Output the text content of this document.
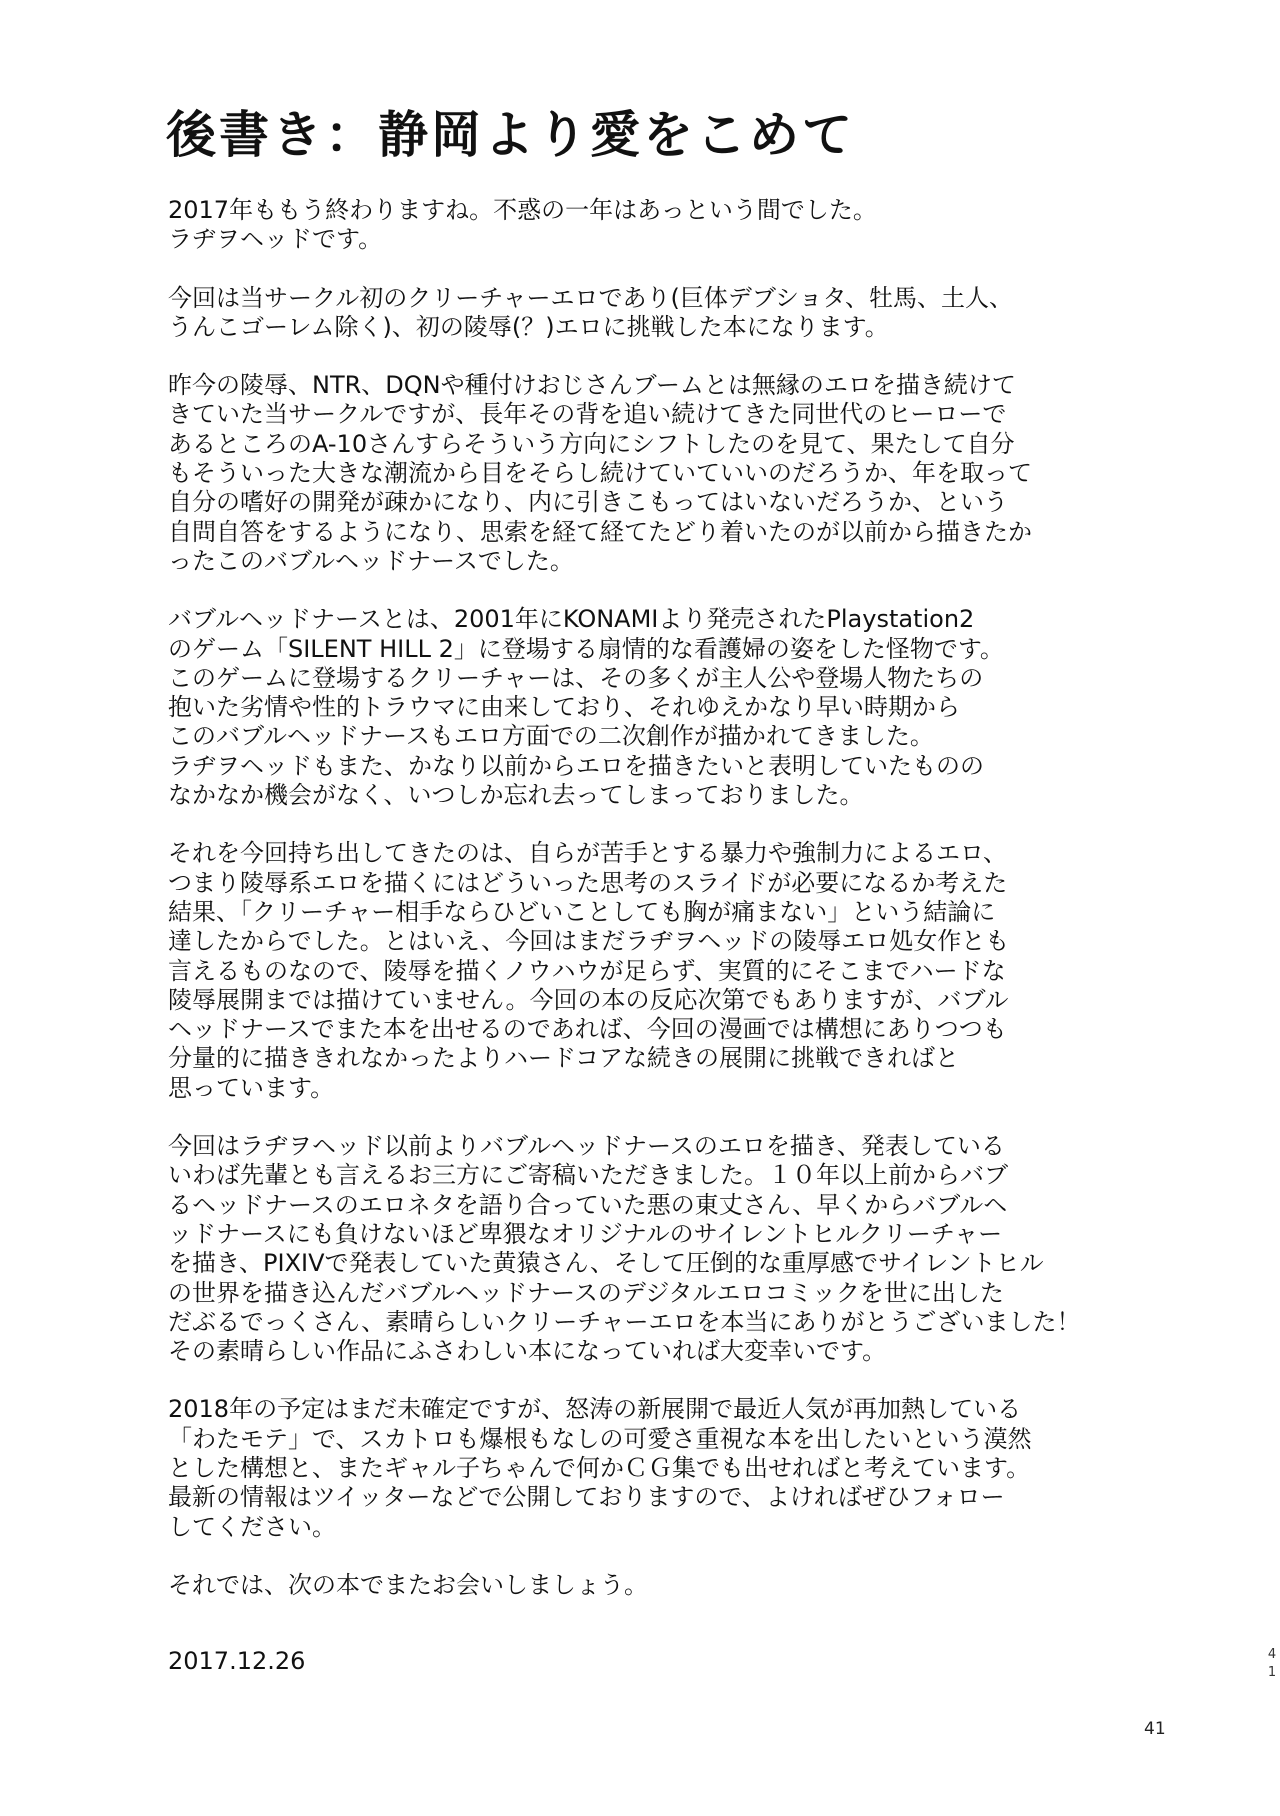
後書き：静岡より愛をこめて

2017年ももう終わりますね。不惑の一年はあっという間でした。
ラヂヲヘッドです。

今回は当サークル初のクリーチャーエロであり(巨体デブショタ、牡馬、土人、
うんこゴーレム除く)、初の陵辱(？)エロに挑戦した本になります。

昨今の陵辱、NTR、DQNや種付けおじさんブームとは無縁のエロを描き続けて
きていた当サークルですが、長年その背を追い続けてきた同世代のヒーローで
あるところのA-10さんすらそういう方向にシフトしたのを見て、果たして自分
もそういった大きな潮流から目をそらし続けていていいのだろうか、年を取って
自分の嗜好の開発が疎かになり、内に引きこもってはいないだろうか、という
自問自答をするようになり、思索を経て経てたどり着いたのが以前から描きたか
ったこのバブルヘッドナースでした。

バブルヘッドナースとは、2001年にKONAMIより発売されたPlaystation2
のゲーム「SILENT HILL 2」に登場する扇情的な看護婦の姿をした怪物です。
このゲームに登場するクリーチャーは、その多くが主人公や登場人物たちの
抱いた劣情や性的トラウマに由来しており、それゆえかなり早い時期から
このバブルヘッドナースもエロ方面での二次創作が描かれてきました。
ラヂヲヘッドもまた、かなり以前からエロを描きたいと表明していたものの
なかなか機会がなく、いつしか忘れ去ってしまっておりました。

それを今回持ち出してきたのは、自らが苦手とする暴力や強制力によるエロ、
つまり陵辱系エロを描くにはどういった思考のスライドが必要になるか考えた
結果、「クリーチャー相手ならひどいことしても胸が痛まない」という結論に
達したからでした。とはいえ、今回はまだラヂヲヘッドの陵辱エロ処女作とも
言えるものなので、陵辱を描くノウハウが足らず、実質的にそこまでハードな
陵辱展開までは描けていません。今回の本の反応次第でもありますが、バブル
ヘッドナースでまた本を出せるのであれば、今回の漫画では構想にありつつも
分量的に描ききれなかったよりハードコアな続きの展開に挑戦できればと
思っています。

今回はラヂヲヘッド以前よりバブルヘッドナースのエロを描き、発表している
いわば先輩とも言えるお三方にご寄稿いただきました。１０年以上前からバブ
るヘッドナースのエロネタを語り合っていた悪の東丈さん、早くからバブルヘ
ッドナースにも負けないほど卑猥なオリジナルのサイレントヒルクリーチャー
を描き、PIXIVで発表していた黄猿さん、そして圧倒的な重厚感でサイレントヒル
の世界を描き込んだバブルヘッドナースのデジタルエロコミックを世に出した
だぶるでっくさん、素晴らしいクリーチャーエロを本当にありがとうございました！
その素晴らしい作品にふさわしい本になっていれば大変幸いです。

2018年の予定はまだ未確定ですが、怒涛の新展開で最近人気が再加熱している
「わたモテ」で、スカトロも爆根もなしの可愛さ重視な本を出したいという漠然
とした構想と、またギャル子ちゃんで何かＣＧ集でも出せればと考えています。
最新の情報はツイッターなどで公開しておりますので、よければぜひフォロー
してください。

それでは、次の本でまたお会いしましょう。

2017.12.26	4
1
41
